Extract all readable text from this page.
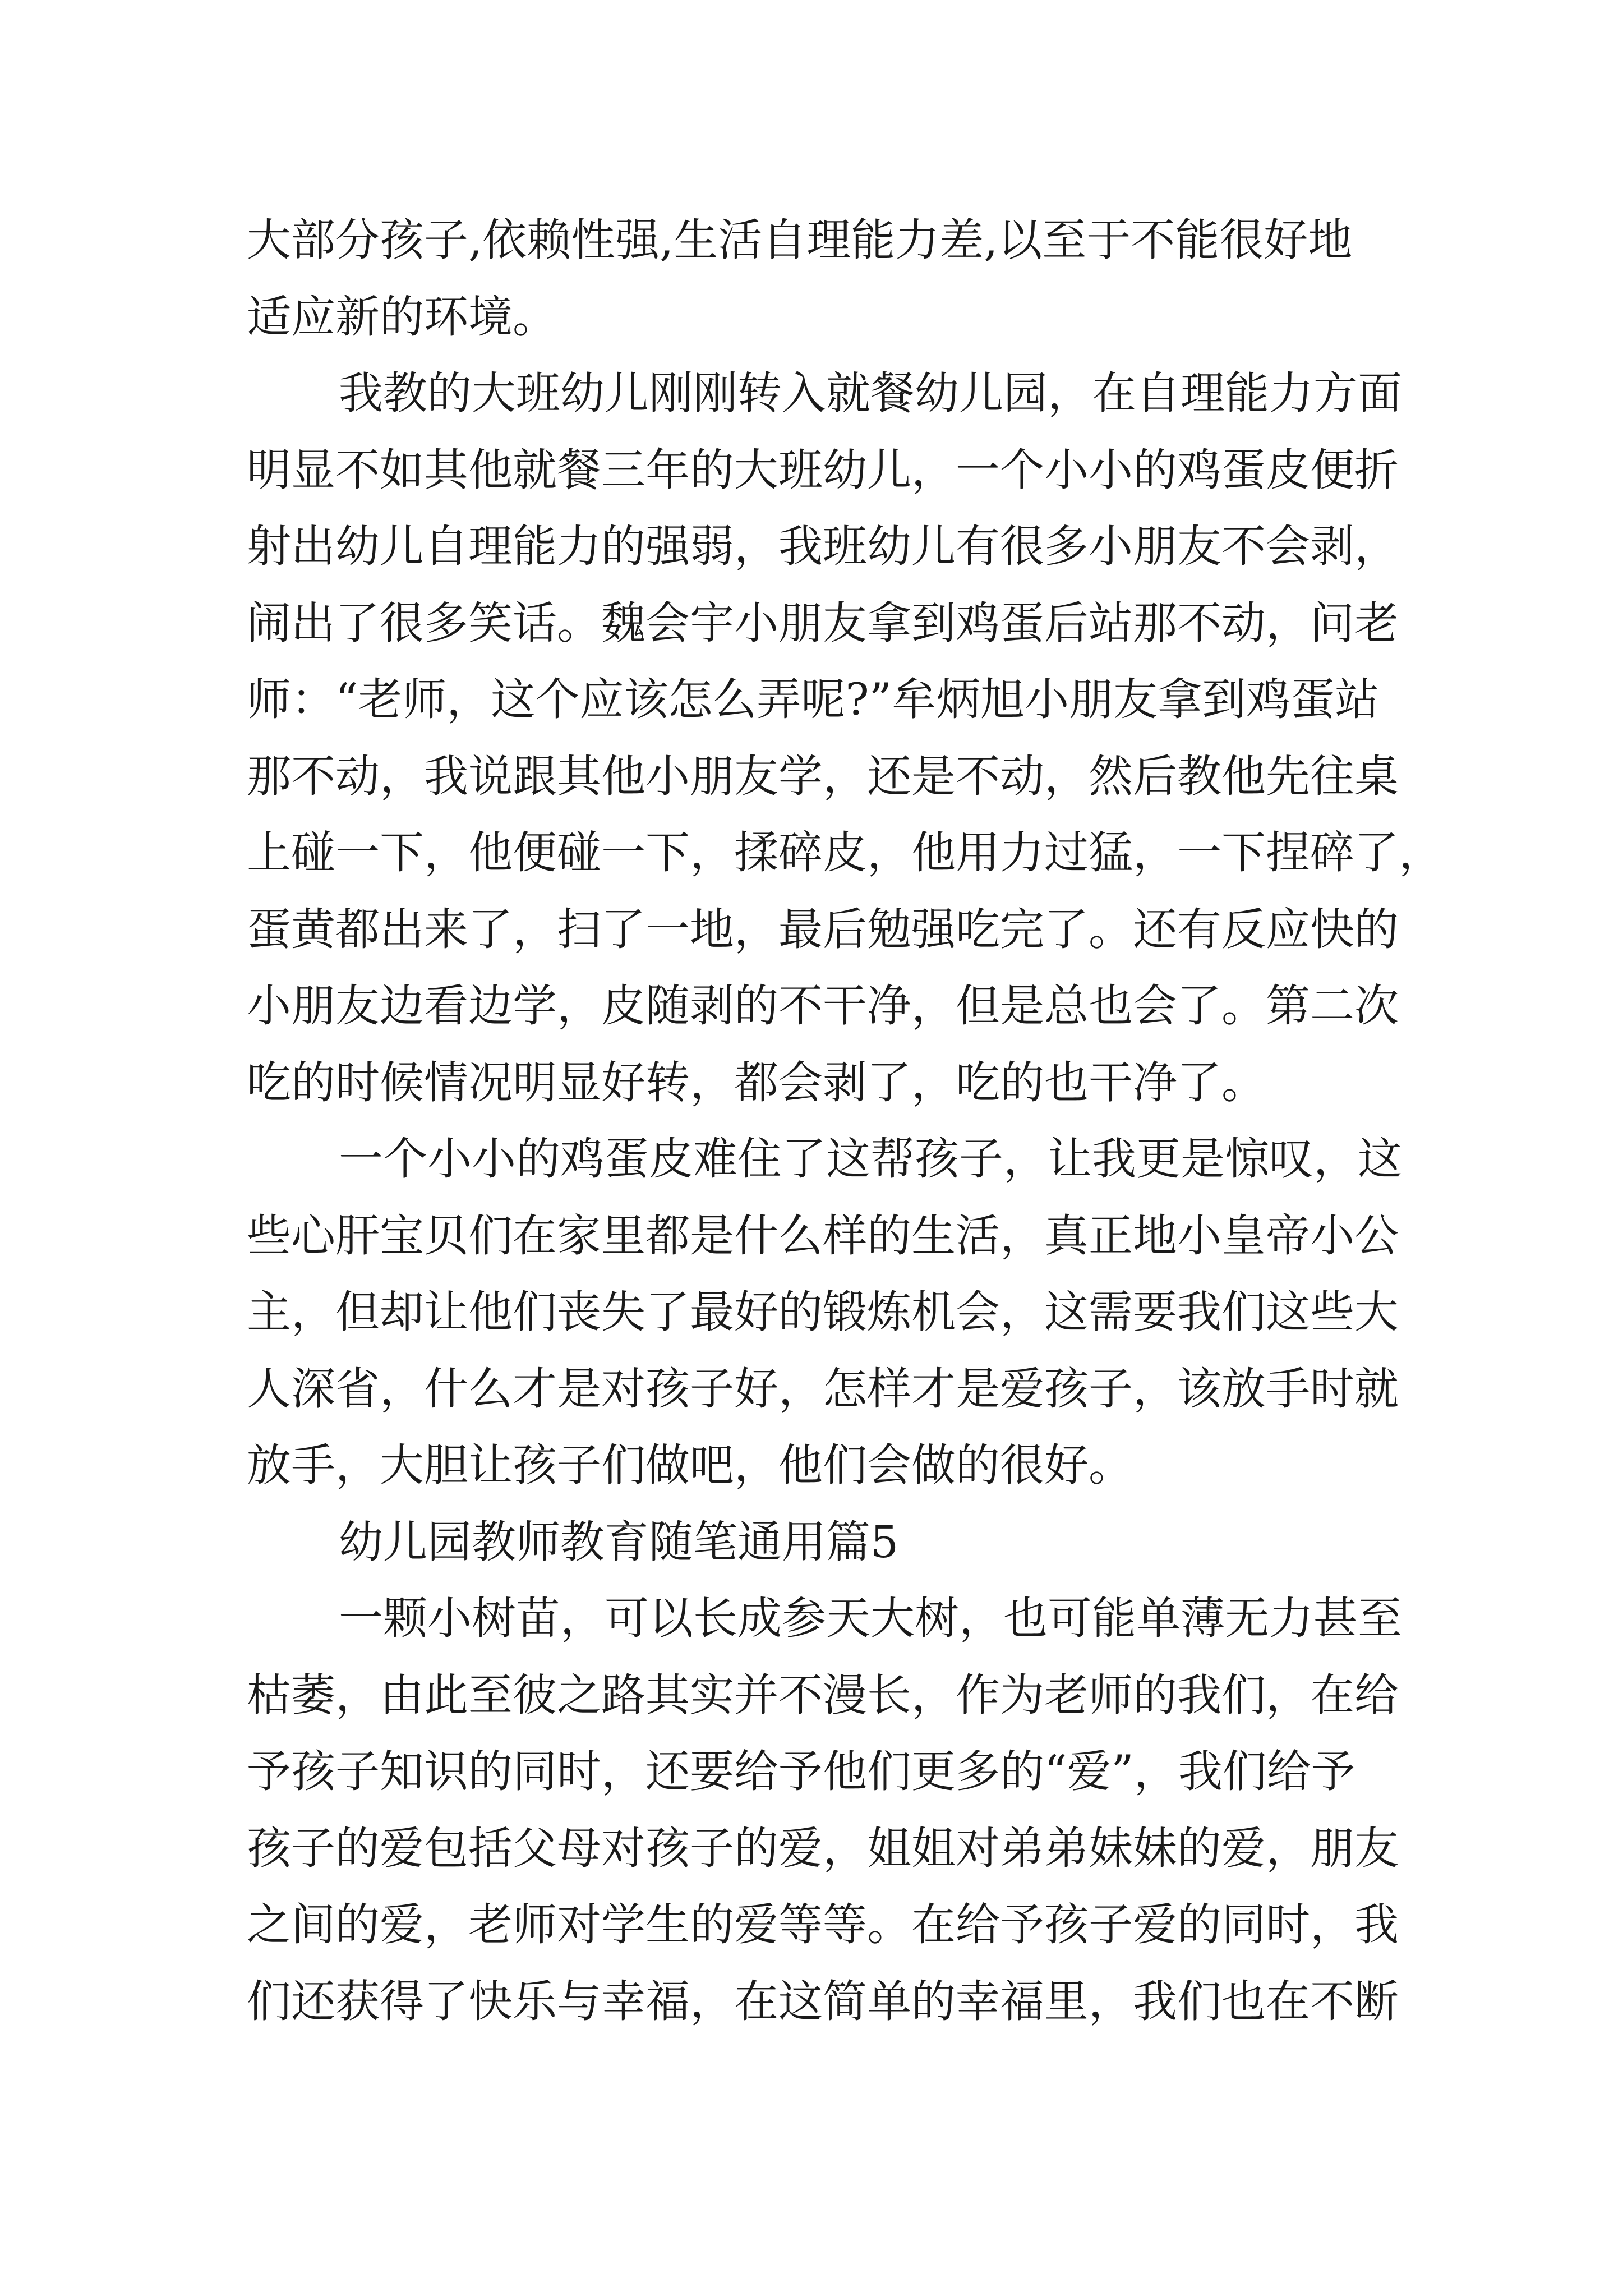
大部分孩子,依赖性强,生活自理能力差,以至于不能很好地
适应新的环境。
我教的大班幼儿刚刚转入就餐幼儿园，在自理能力方面
明显不如其他就餐三年的大班幼儿，一个小小的鸡蛋皮便折
射出幼儿自理能力的强弱，我班幼儿有很多小朋友不会剥，
闹出了很多笑话。魏会宇小朋友拿到鸡蛋后站那不动，问老
师：“老师，这个应该怎么弄呢?”牟炳旭小朋友拿到鸡蛋站
那不动，我说跟其他小朋友学，还是不动，然后教他先往桌
上碰一下，他便碰一下，揉碎皮，他用力过猛，一下捏碎了，
蛋黄都出来了，扫了一地，最后勉强吃完了。还有反应快的
小朋友边看边学，皮随剥的不干净，但是总也会了。第二次
吃的时候情况明显好转，都会剥了，吃的也干净了。
一个小小的鸡蛋皮难住了这帮孩子，让我更是惊叹，这
些心肝宝贝们在家里都是什么样的生活，真正地小皇帝小公
主，但却让他们丧失了最好的锻炼机会，这需要我们这些大
人深省，什么才是对孩子好，怎样才是爱孩子，该放手时就
放手，大胆让孩子们做吧，他们会做的很好。
幼儿园教师教育随笔通用篇5
一颗小树苗，可以长成参天大树，也可能单薄无力甚至
枯萎，由此至彼之路其实并不漫长，作为老师的我们，在给
予孩子知识的同时，还要给予他们更多的“爱”，我们给予
孩子的爱包括父母对孩子的爱，姐姐对弟弟妹妹的爱，朋友
之间的爱，老师对学生的爱等等。在给予孩子爱的同时，我
们还获得了快乐与幸福，在这简单的幸福里，我们也在不断
